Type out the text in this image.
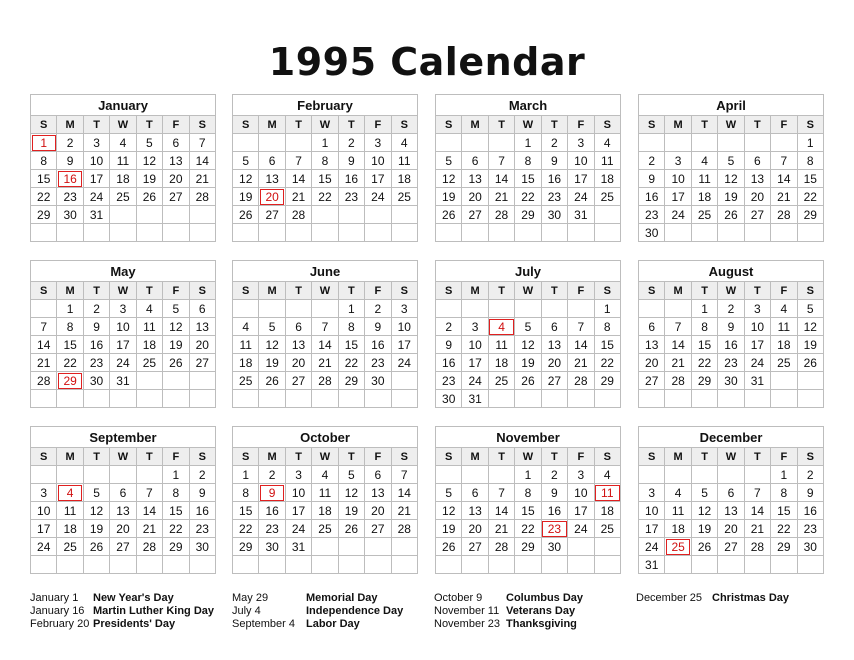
1995 Calendar
January
S	M	T	W	T	F	S
1	2	3	4	5	6	7
8	9	10	11	12	13	14
15	16	17	18	19	20	21
22	23	24	25	26	27	28
29	30	31				

February
S	M	T	W	T	F	S
			1	2	3	4
5	6	7	8	9	10	11
12	13	14	15	16	17	18
19	20	21	22	23	24	25
26	27	28				

March
S	M	T	W	T	F	S
			1	2	3	4
5	6	7	8	9	10	11
12	13	14	15	16	17	18
19	20	21	22	23	24	25
26	27	28	29	30	31	

April
S	M	T	W	T	F	S
						1
2	3	4	5	6	7	8
9	10	11	12	13	14	15
16	17	18	19	20	21	22
23	24	25	26	27	28	29
30						
May
S	M	T	W	T	F	S
	1	2	3	4	5	6
7	8	9	10	11	12	13
14	15	16	17	18	19	20
21	22	23	24	25	26	27
28	29	30	31			

June
S	M	T	W	T	F	S
				1	2	3
4	5	6	7	8	9	10
11	12	13	14	15	16	17
18	19	20	21	22	23	24
25	26	27	28	29	30	

July
S	M	T	W	T	F	S
						1
2	3	4	5	6	7	8
9	10	11	12	13	14	15
16	17	18	19	20	21	22
23	24	25	26	27	28	29
30	31					
August
S	M	T	W	T	F	S
		1	2	3	4	5
6	7	8	9	10	11	12
13	14	15	16	17	18	19
20	21	22	23	24	25	26
27	28	29	30	31		

September
S	M	T	W	T	F	S
					1	2
3	4	5	6	7	8	9
10	11	12	13	14	15	16
17	18	19	20	21	22	23
24	25	26	27	28	29	30

October
S	M	T	W	T	F	S
1	2	3	4	5	6	7
8	9	10	11	12	13	14
15	16	17	18	19	20	21
22	23	24	25	26	27	28
29	30	31				

November
S	M	T	W	T	F	S
			1	2	3	4
5	6	7	8	9	10	11
12	13	14	15	16	17	18
19	20	21	22	23	24	25
26	27	28	29	30		

December
S	M	T	W	T	F	S
					1	2
3	4	5	6	7	8	9
10	11	12	13	14	15	16
17	18	19	20	21	22	23
24	25	26	27	28	29	30
31						
January 1 New Year's Day
January 16 Martin Luther King Day
February 20 Presidents' Day
May 29	Memorial Day
July 4	Independence Day
September 4 Labor Day
October 9 Columbus Day
November 11 Veterans Day
November 23 Thanksgiving
December 25 Christmas Day
